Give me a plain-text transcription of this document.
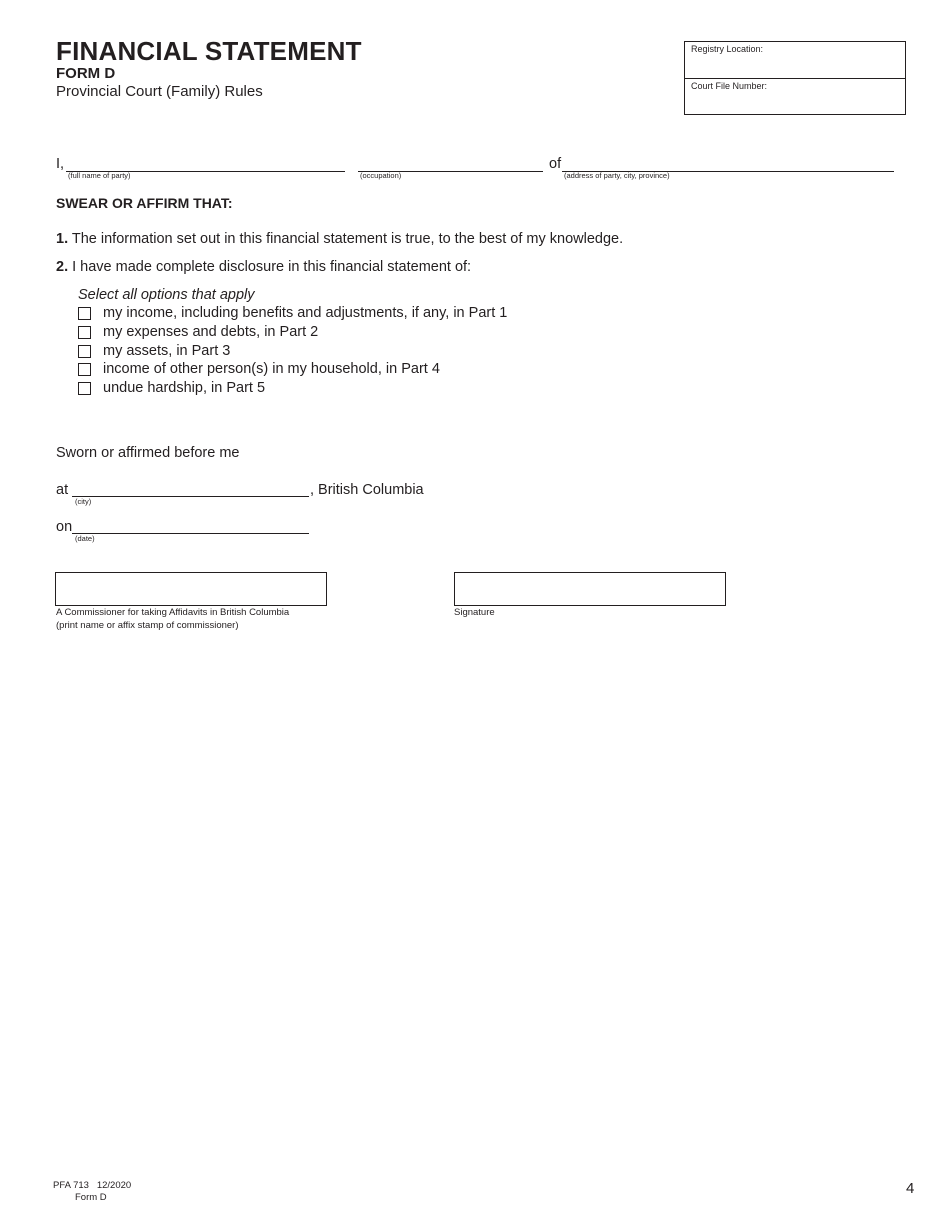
FINANCIAL STATEMENT
FORM D
Provincial Court (Family) Rules
Registry Location:
Court File Number:
I,
(full name of party)	(occupation)
of
(address of party, city, province)
SWEAR OR AFFIRM THAT:
1. The information set out in this financial statement is true, to the best of my knowledge.
2. I have made complete disclosure in this financial statement of:
Select all options that apply
my income, including benefits and adjustments, if any, in Part 1
my expenses and debts, in Part 2
my assets, in Part 3
income of other person(s) in my household, in Part 4
undue hardship, in Part 5
Sworn or affirmed before me
at
(city)
, British Columbia
on
(date)
A Commissioner for taking Affidavits in British Columbia
(print name or affix stamp of commissioner)
Signature
PFA 713   12/2020
Form D
4
